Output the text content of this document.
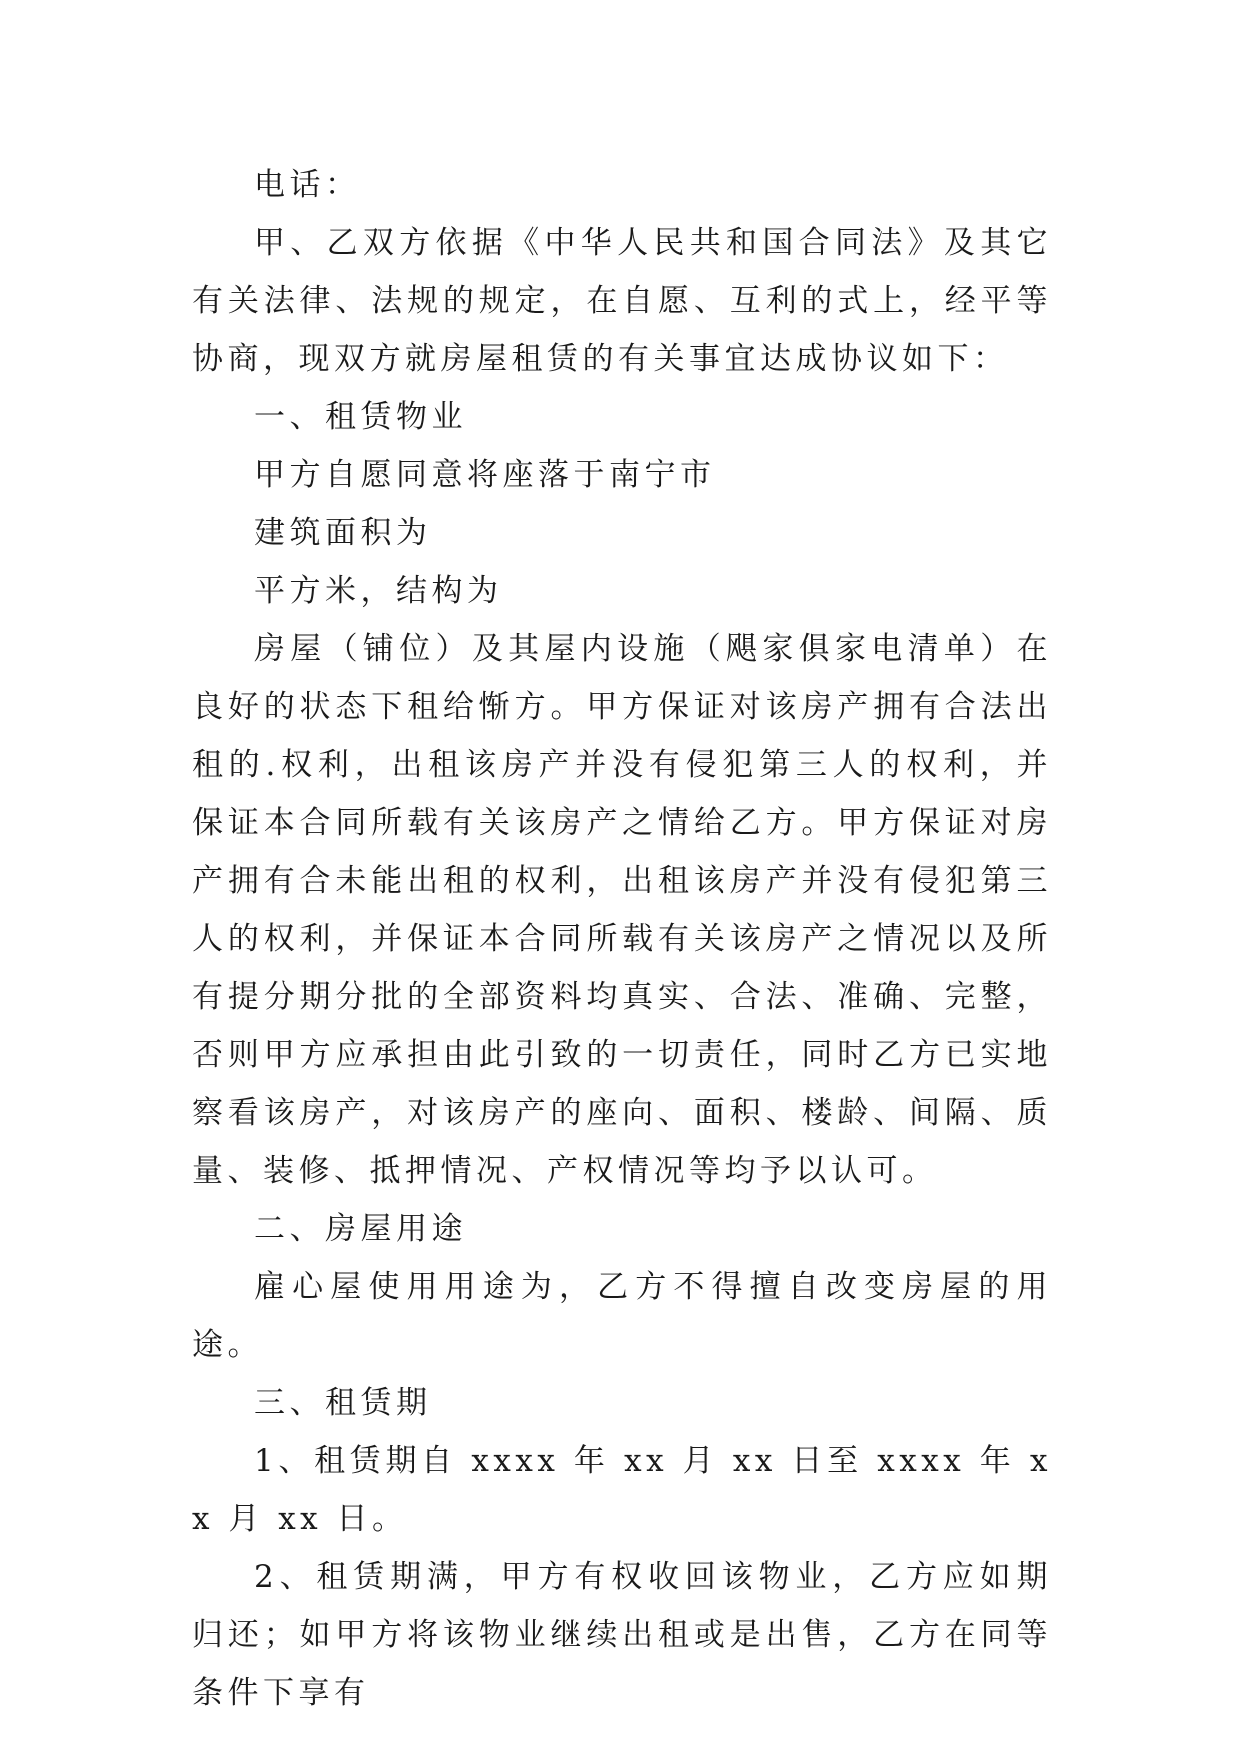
电话：

甲、乙双方依据《中华人民共和国合同法》及其它有关法律、法规的规定，在自愿、互利的式上，经平等协商，现双方就房屋租赁的有关事宜达成协议如下：

一、租赁物业

甲方自愿同意将座落于南宁市

建筑面积为

平方米，结构为

房屋（铺位）及其屋内设施（飓家俱家电清单）在良好的状态下租给惭方。甲方保证对该房产拥有合法出租的.权利，出租该房产并没有侵犯第三人的权利，并保证本合同所载有关该房产之情给乙方。甲方保证对房产拥有合未能出租的权利，出租该房产并没有侵犯第三人的权利，并保证本合同所载有关该房产之情况以及所有提分期分批的全部资料均真实、合法、准确、完整，否则甲方应承担由此引致的一切责任，同时乙方已实地察看该房产，对该房产的座向、面积、楼龄、间隔、质量、装修、抵押情况、产权情况等均予以认可。

二、房屋用途

雇心屋使用用途为，乙方不得擅自改变房屋的用途。

三、租赁期

1、租赁期自 xxxx 年 xx 月 xx 日至 xxxx 年 xx 月 xx 日。

2、租赁期满，甲方有权收回该物业，乙方应如期归还；如甲方将该物业继续出租或是出售，乙方在同等条件下享有
